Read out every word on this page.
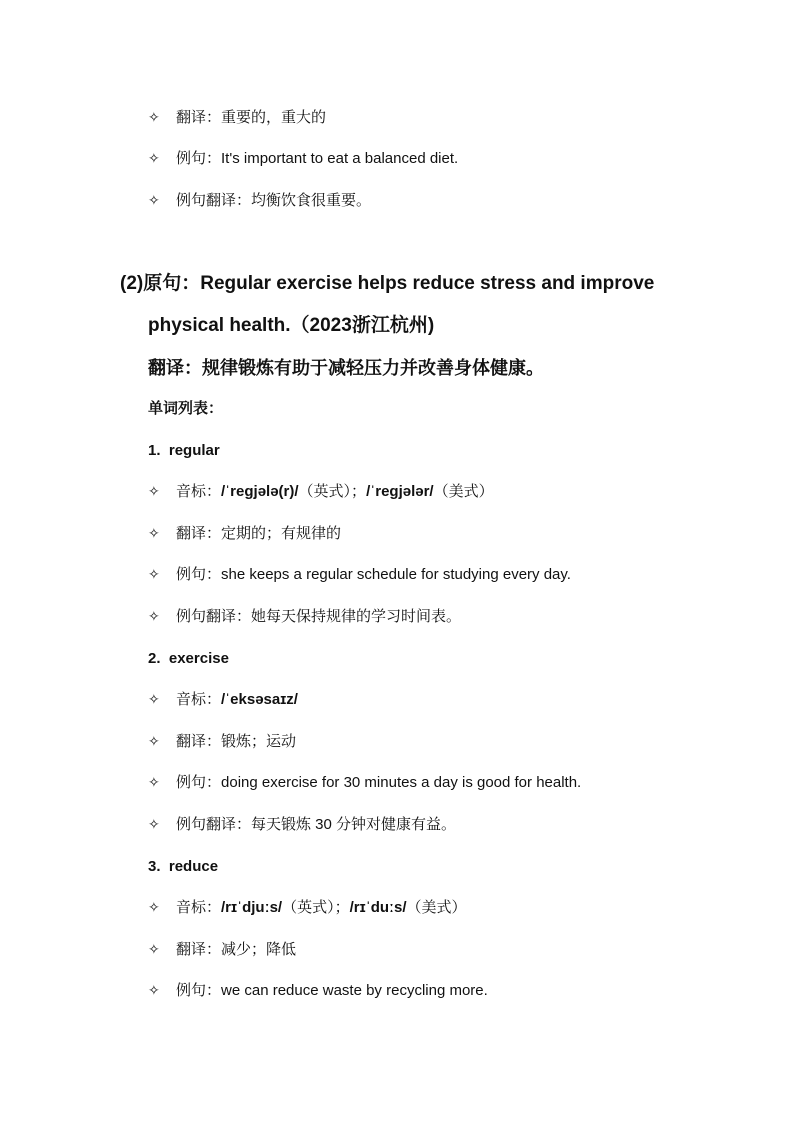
✧ 翻译：重要的，重大的
✧ 例句：It's important to eat a balanced diet.
✧ 例句翻译：均衡饮食很重要。
(2)原句：Regular exercise helps reduce stress and improve
physical health.（2023浙江杭州)
翻译：规律锻炼有助于减轻压力并改善身体健康。
单词列表：
1. regular
✧ 音标：/ˈregjələ(r)/（英式）；/ˈregjələr/（美式）
✧ 翻译：定期的；有规律的
✧ 例句：she keeps a regular schedule for studying every day.
✧ 例句翻译：她每天保持规律的学习时间表。
2. exercise
✧ 音标：/ˈeksəsaɪz/
✧ 翻译：锻炼；运动
✧ 例句：doing exercise for 30 minutes a day is good for health.
✧ 例句翻译：每天锻炼 30 分钟对健康有益。
3. reduce
✧ 音标：/rɪˈdjuːs/（英式）；/rɪˈduːs/（美式）
✧ 翻译：减少；降低
✧ 例句：we can reduce waste by recycling more.
